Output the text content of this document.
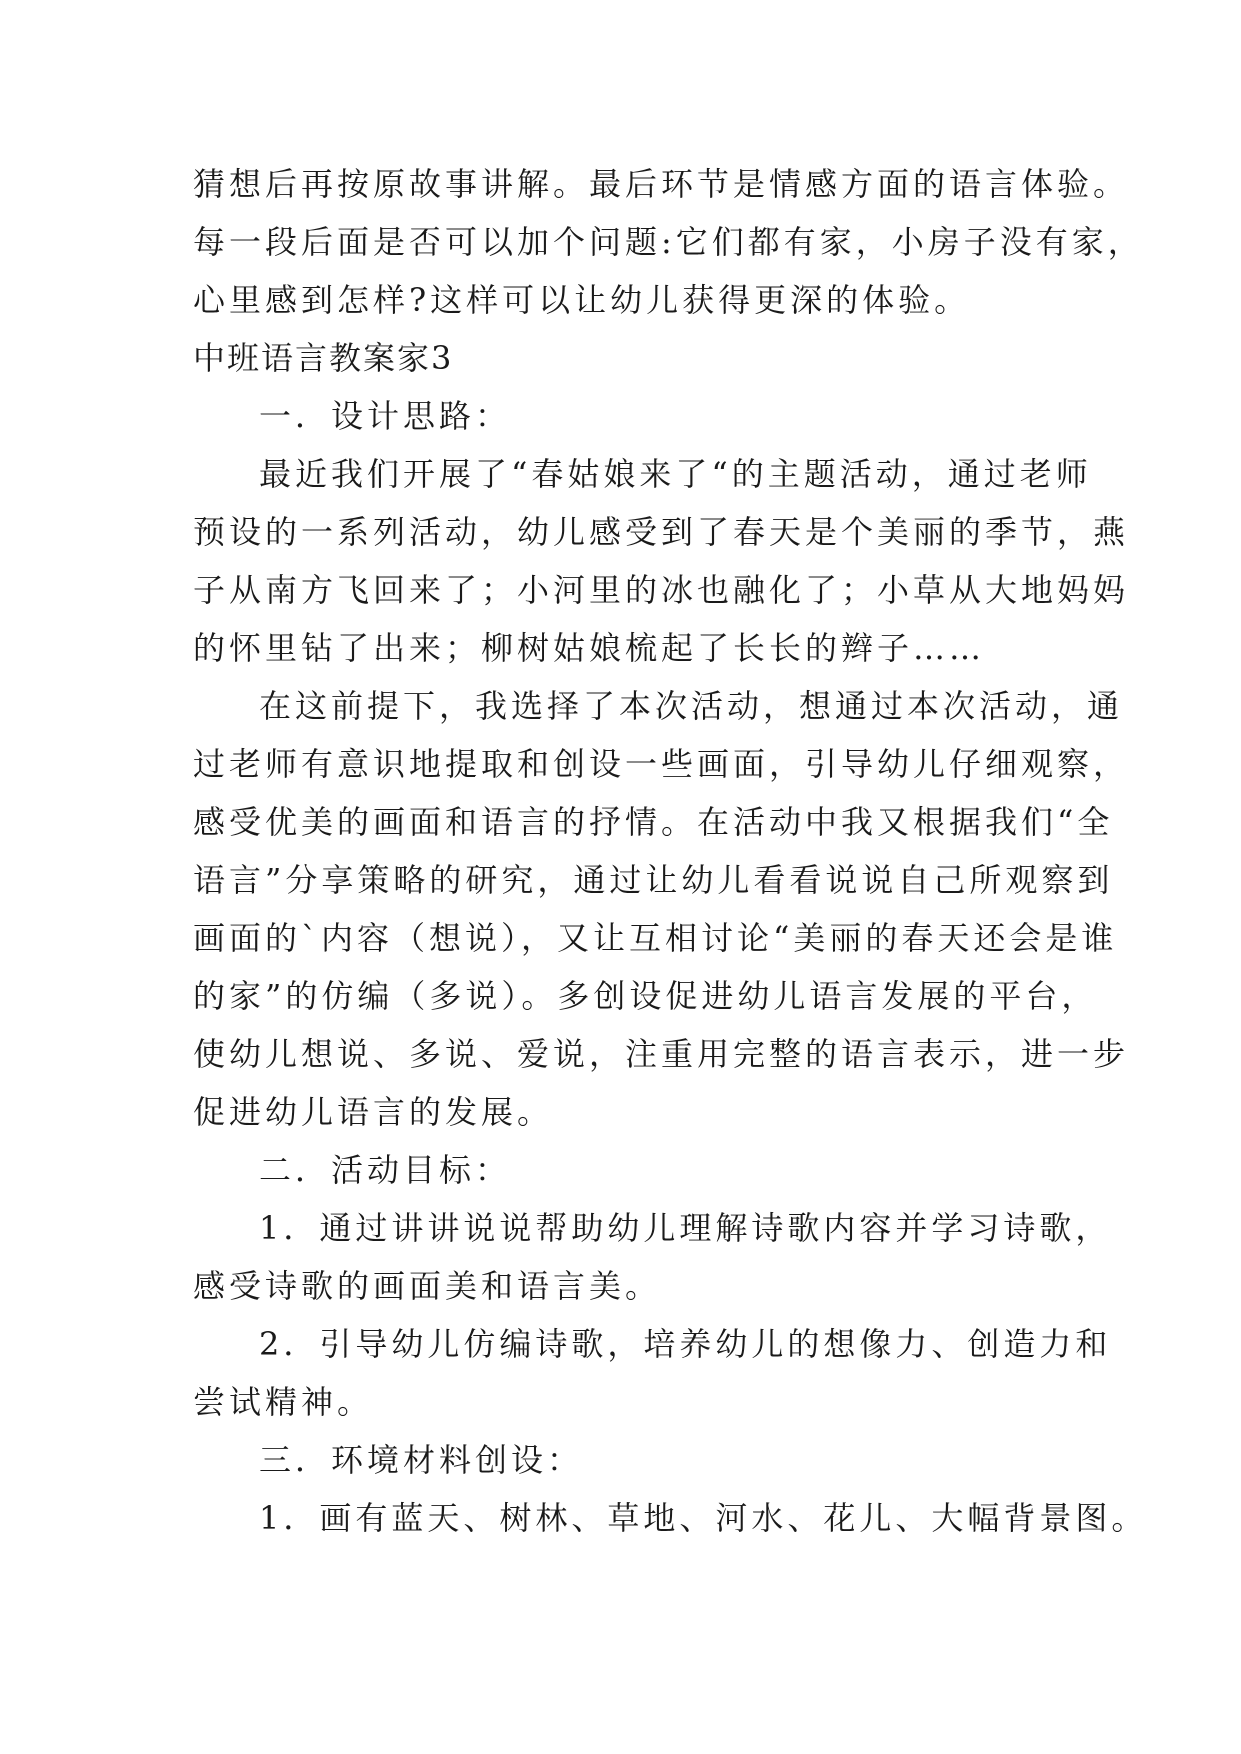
猜想后再按原故事讲解。最后环节是情感方面的语言体验。
每一段后面是否可以加个问题:它们都有家，小房子没有家，
心里感到怎样?这样可以让幼儿获得更深的体验。
中班语言教案家3
一．设计思路：
最近我们开展了“春姑娘来了“的主题活动，通过老师
预设的一系列活动，幼儿感受到了春天是个美丽的季节，燕
子从南方飞回来了；小河里的冰也融化了；小草从大地妈妈
的怀里钻了出来；柳树姑娘梳起了长长的辫子……
在这前提下，我选择了本次活动，想通过本次活动，通
过老师有意识地提取和创设一些画面，引导幼儿仔细观察，
感受优美的画面和语言的抒情。在活动中我又根据我们“全
语言”分享策略的研究，通过让幼儿看看说说自己所观察到
画面的`内容（想说），又让互相讨论“美丽的春天还会是谁
的家”的仿编（多说）。多创设促进幼儿语言发展的平台，
使幼儿想说、多说、爱说，注重用完整的语言表示，进一步
促进幼儿语言的发展。
二．活动目标：
1．通过讲讲说说帮助幼儿理解诗歌内容并学习诗歌，
感受诗歌的画面美和语言美。
2．引导幼儿仿编诗歌，培养幼儿的想像力、创造力和
尝试精神。
三．环境材料创设：
1．画有蓝天、树林、草地、河水、花儿、大幅背景图。
